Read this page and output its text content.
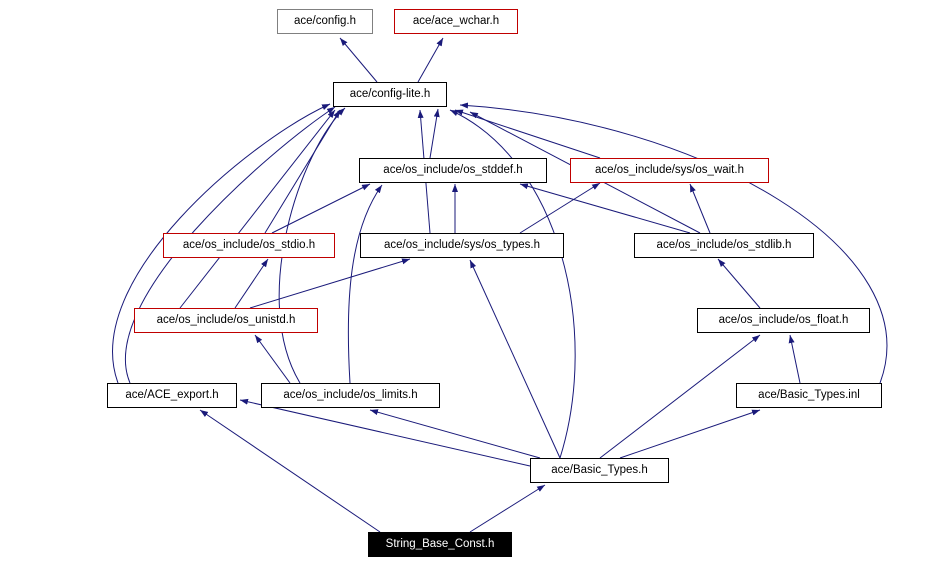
ace/config.h	ace/ace_wchar.h
ace/config-lite.h
ace/os_include/os_stddef.h	ace/os_include/sys/os_wait.h
ace/os_include/os_stdio.h	ace/os_include/sys/os_types.h	ace/os_include/os_stdlib.h
ace/os_include/os_unistd.h	ace/os_include/os_float.h
ace/ACE_export.h	ace/os_include/os_limits.h	ace/Basic_Types.inl
ace/Basic_Types.h
String_Base_Const.h
